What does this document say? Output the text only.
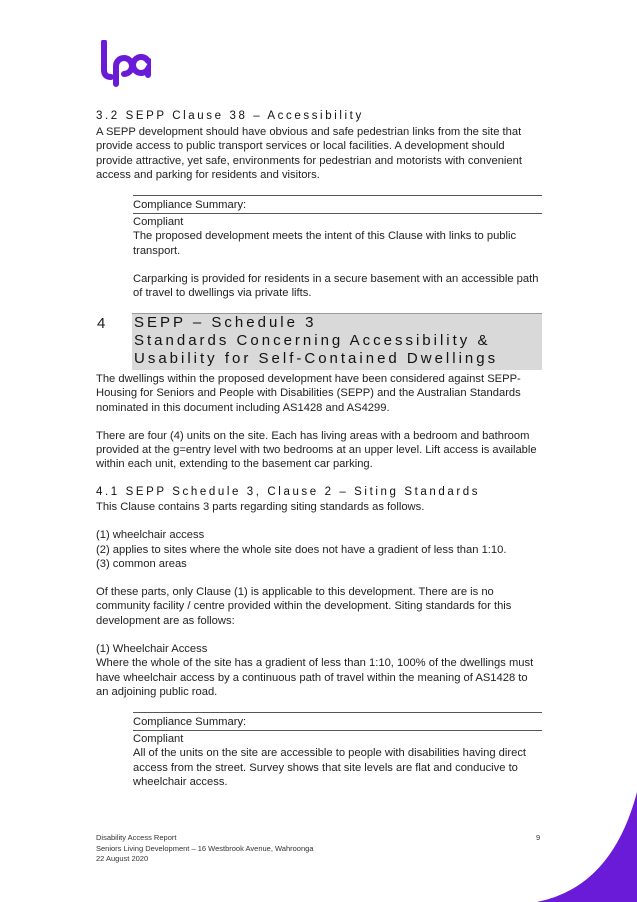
3.2 SEPP Clause 38 – Accessibility

A SEPP development should have obvious and safe pedestrian links from the site that provide access to public transport services or local facilities. A development should provide attractive, yet safe, environments for pedestrian and motorists with convenient access and parking for residents and visitors.

Compliance Summary:

Compliant

The proposed development meets the intent of this Clause with links to public transport.

Carparking is provided for residents in a secure basement with an accessible path of travel to dwellings via private lifts.

4	SEPP – Schedule 3
Standards Concerning Accessibility &
Usability for Self-Contained Dwellings

The dwellings within the proposed development have been considered against SEPP-Housing for Seniors and People with Disabilities (SEPP) and the Australian Standards nominated in this document including AS1428 and AS4299.

There are four (4) units on the site. Each has living areas with a bedroom and bathroom provided at the g=entry level with two bedrooms at an upper level. Lift access is available within each unit, extending to the basement car parking.

4.1 SEPP Schedule 3, Clause 2 – Siting Standards

This Clause contains 3 parts regarding siting standards as follows.

(1) wheelchair access

(2) applies to sites where the whole site does not have a gradient of less than 1:10.

(3) common areas

Of these parts, only Clause (1) is applicable to this development. There are is no community facility / centre provided within the development. Siting standards for this development are as follows:

(1) Wheelchair Access

Where the whole of the site has a gradient of less than 1:10, 100% of the dwellings must have wheelchair access by a continuous path of travel within the meaning of AS1428 to an adjoining public road.

Compliance Summary:

Compliant

All of the units on the site are accessible to people with disabilities having direct access from the street. Survey shows that site levels are flat and conducive to wheelchair access.

Disability Access Report
Seniors Living Development – 16 Westbrook Avenue, Wahroonga
22 August 2020
9
